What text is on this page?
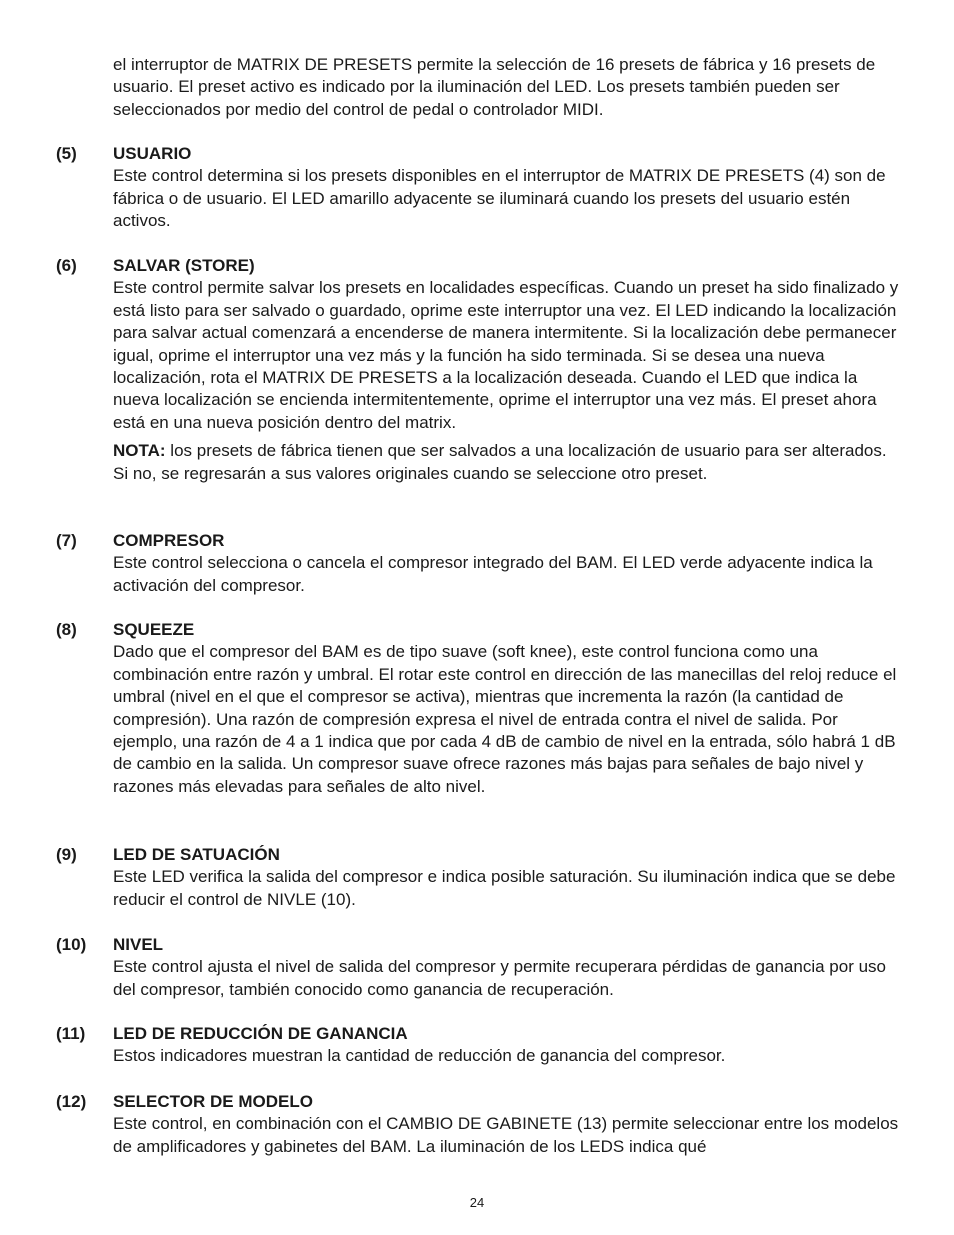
el interruptor de MATRIX DE PRESETS permite la selección de 16 presets de fábrica y 16 presets de usuario. El preset activo es indicado por la iluminación del LED. Los presets también pueden ser seleccionados por medio del control de pedal o controlador MIDI.

(5) USUARIO

Este control determina si los presets disponibles en el interruptor de MATRIX DE PRESETS (4) son de fábrica o de usuario. El LED amarillo adyacente se iluminará cuando los presets del usuario estén activos.

(6) SALVAR (STORE)

Este control permite salvar los presets en localidades específicas. Cuando un preset ha sido finalizado y está listo para ser salvado o guardado, oprime este interruptor una vez. El LED indicando la localización para salvar actual comenzará a encenderse de manera intermitente. Si la localización debe permanecer igual, oprime el interruptor una vez más y la función ha sido terminada. Si se desea una nueva localización, rota el MATRIX DE PRESETS a la localización deseada. Cuando el LED que indica la nueva localización se encienda intermitentemente, oprime el interruptor una vez más. El preset ahora está en una nueva posición dentro del matrix.

NOTA: los presets de fábrica tienen que ser salvados a una localización de usuario para ser alterados. Si no, se regresarán a sus valores originales cuando se seleccione otro preset.

(7) COMPRESOR

Este control selecciona o cancela el compresor integrado del BAM. El LED verde adyacente indica la activación del compresor.

(8) SQUEEZE

Dado que el compresor del BAM es de tipo suave (soft knee), este control funciona como una combinación entre razón y umbral. El rotar este control en dirección de las manecillas del reloj reduce el umbral (nivel en el que el compresor se activa), mientras que incrementa la razón (la cantidad de compresión). Una razón de compresión expresa el nivel de entrada contra el nivel de salida. Por ejemplo, una razón de 4 a 1 indica que por cada 4 dB de cambio de nivel en la entrada, sólo habrá 1 dB de cambio en la salida. Un compresor suave ofrece razones más bajas para señales de bajo nivel y razones más elevadas para señales de alto nivel.

(9) LED DE SATUACIÓN

Este LED verifica la salida del compresor e indica posible saturación. Su iluminación indica que se debe reducir el control de NIVLE (10).

(10) NIVEL

Este control ajusta el nivel de salida del compresor y permite recuperara pérdidas de ganancia por uso del compresor, también conocido como ganancia de recuperación.

(11) LED DE REDUCCIÓN DE GANANCIA

Estos indicadores muestran la cantidad de reducción de ganancia del compresor.

(12) SELECTOR DE MODELO

Este control, en combinación con el CAMBIO DE GABINETE (13) permite seleccionar entre los modelos de amplificadores y gabinetes del BAM. La iluminación de los LEDS indica qué

24
